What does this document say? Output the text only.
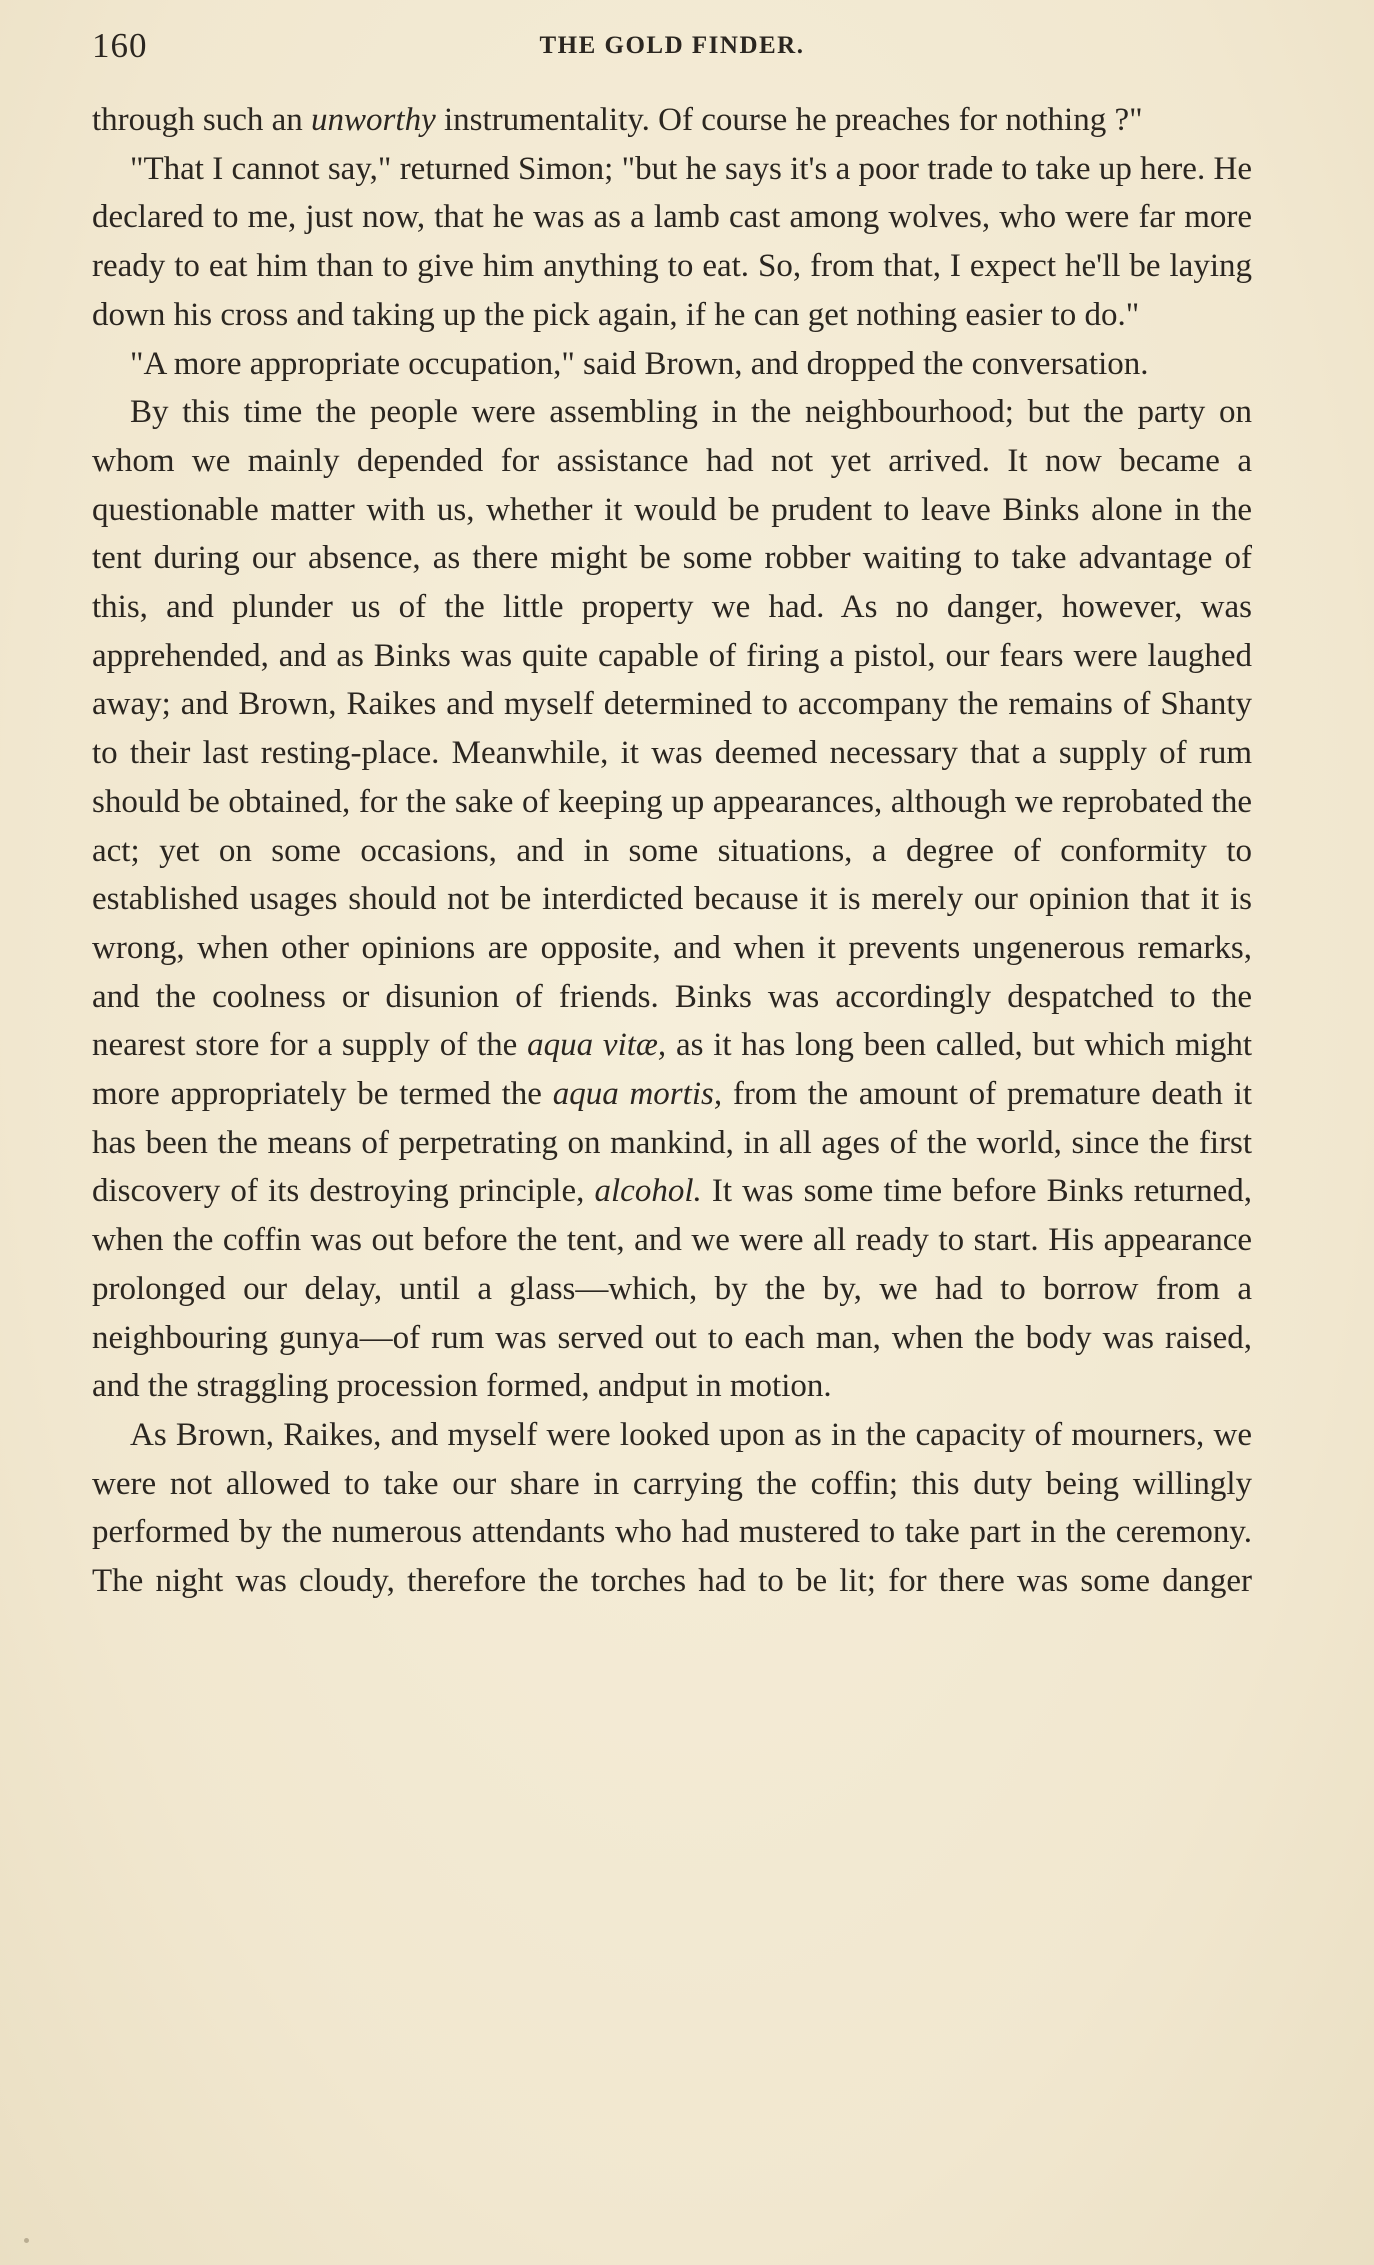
160	THE GOLD FINDER.

through such an unworthy instrumentality. Of course he preaches for nothing ?"

"That I cannot say," returned Simon; "but he says it's a poor trade to take up here. He declared to me, just now, that he was as a lamb cast among wolves, who were far more ready to eat him than to give him anything to eat. So, from that, I expect he'll be laying down his cross and taking up the pick again, if he can get nothing easier to do."

"A more appropriate occupation," said Brown, and dropped the conversation.

By this time the people were assembling in the neighbourhood; but the party on whom we mainly depended for assistance had not yet arrived. It now became a questionable matter with us, whether it would be prudent to leave Binks alone in the tent during our absence, as there might be some robber waiting to take advantage of this, and plunder us of the little property we had. As no danger, however, was apprehended, and as Binks was quite capable of firing a pistol, our fears were laughed away; and Brown, Raikes and myself determined to accompany the remains of Shanty to their last resting-place. Meanwhile, it was deemed necessary that a supply of rum should be obtained, for the sake of keeping up appearances, although we reprobated the act; yet on some occasions, and in some situations, a degree of conformity to established usages should not be interdicted because it is merely our opinion that it is wrong, when other opinions are opposite, and when it prevents ungenerous remarks, and the coolness or disunion of friends. Binks was accordingly despatched to the nearest store for a supply of the aqua vitæ, as it has long been called, but which might more appropriately be termed the aqua mortis, from the amount of premature death it has been the means of perpetrating on mankind, in all ages of the world, since the first discovery of its destroying principle, alcohol. It was some time before Binks returned, when the coffin was out before the tent, and we were all ready to start. His appearance prolonged our delay, until a glass—which, by the by, we had to borrow from a neighbouring gunya—of rum was served out to each man, when the body was raised, and the straggling procession formed, andput in motion.

As Brown, Raikes, and myself were looked upon as in the capacity of mourners, we were not allowed to take our share in carrying the coffin; this duty being willingly performed by the numerous attendants who had mustered to take part in the ceremony. The night was cloudy, therefore the torches had to be lit; for there was some danger
